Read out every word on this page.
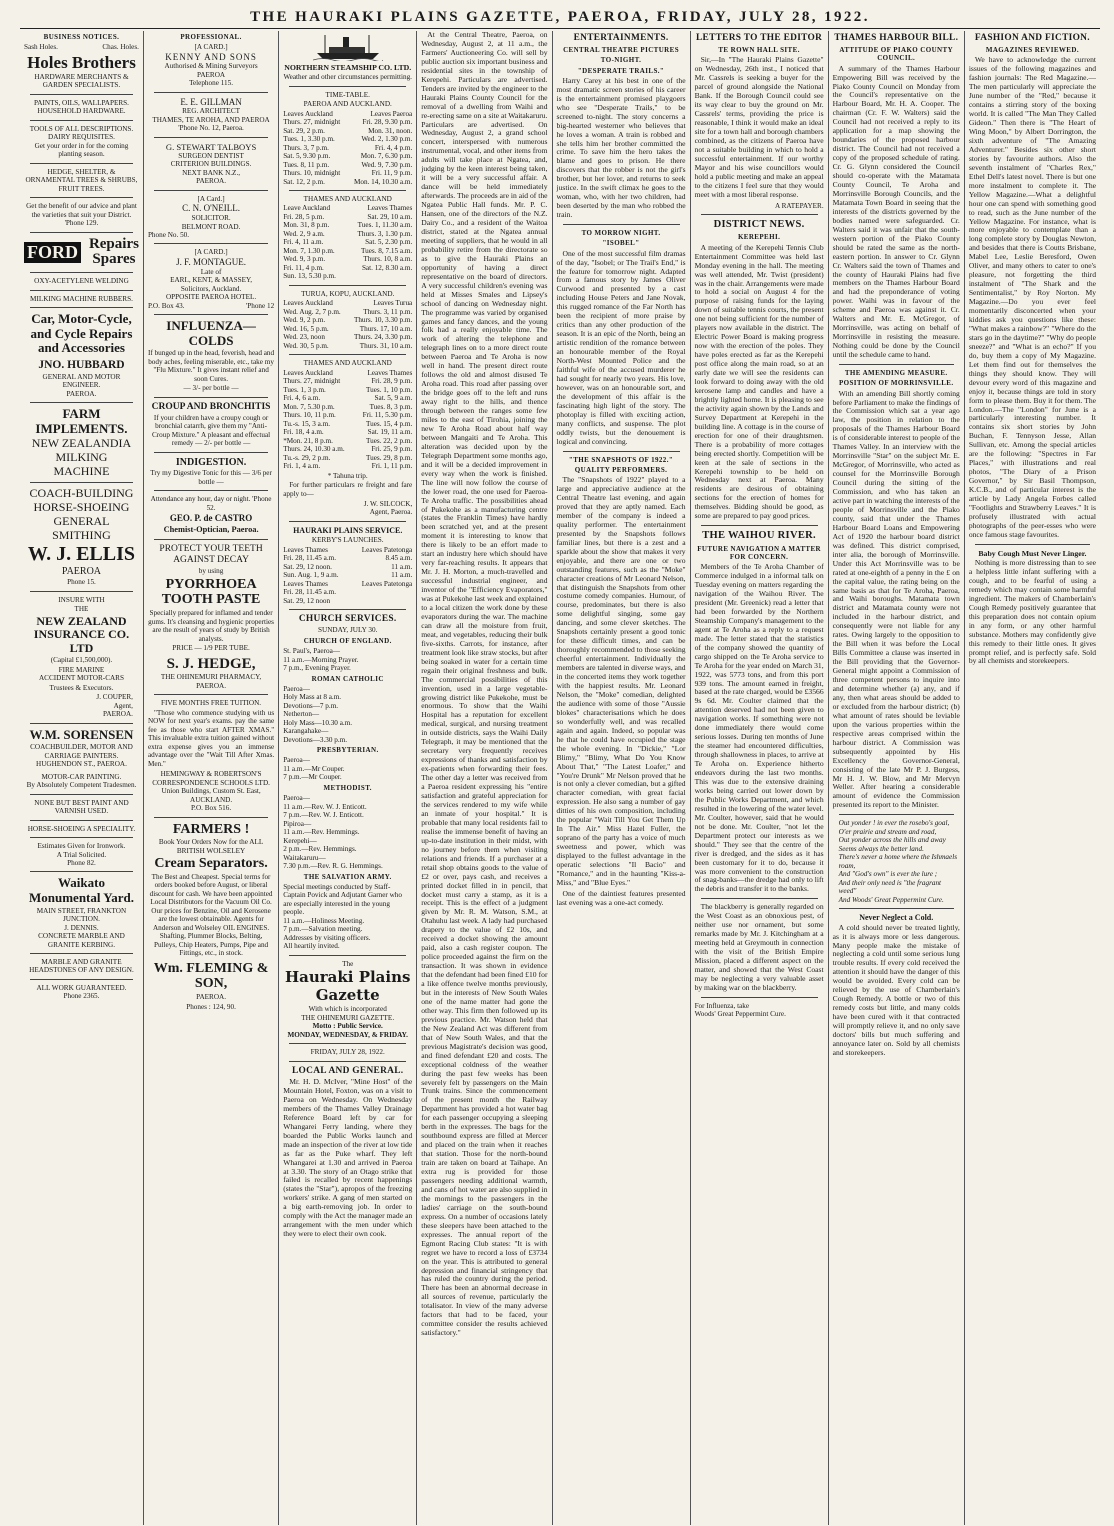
THE HAURAKI PLAINS GAZETTE, PAEROA, FRIDAY, JULY 28, 1922.
BUSINESS NOTICES.
Sash Holes.	Chas. Holes.
Holes Brothers
HARDWARE MERCHANTS &
GARDEN SPECIALISTS.
PAINTS, OILS, WALLPAPERS.
HOUSEHOLD HARDWARE.
TOOLS OF ALL DESCRIPTIONS.
DAIRY REQUISITES.
Get your order in for the coming planting season.
HEDGE, SHELTER, & ORNAMENTAL TREES & SHRUBS, FRUIT TREES.
Get the benefit of our advice and plant the varieties that suit your District.
'Phone 129.
FORD Repairs
Spares
OXY-ACETYLENE WELDING
MILKING MACHINE RUBBERS.
Car, Motor-Cycle, and Cycle Repairs and Accessories
JNO. HUBBARD
GENERAL AND MOTOR
ENGINEER.
PAEROA.
FARM IMPLEMENTS.
NEW ZEALANDIA
MILKING
MACHINE
COACH-BUILDING
HORSE-SHOEING
GENERAL
SMITHING
W. J. ELLIS
PAEROA
Phone 15.
INSURE WITH
THE
NEW ZEALAND INSURANCE CO. LTD
(Capital £1,500,000).
FIRE MARINE
ACCIDENT MOTOR-CARS
Trustees & Executors.
J. COUPER,
Agent,
PAEROA.
W.M. SORENSEN
COACHBUILDER, MOTOR AND CARRIAGE PAINTERS.
HUGHENDON ST., PAEROA.
MOTOR-CAR PAINTING.
By Absolutely Competent Tradesmen.
NONE BUT BEST PAINT AND VARNISH USED.
HORSE-SHOEING A SPECIALITY.
Estimates Given for Ironwork.
A Trial Solicited.
Phone 82.
Waikato Monumental Yard.
MAIN STREET, FRANKTON JUNCTION.
J. DENNIS.
CONCRETE MARBLE AND GRANITE KERBING.
MARBLE AND GRANITE HEADSTONES OF ANY DESIGN.
ALL WORK GUARANTEED.
Phone 2365.
PROFESSIONAL.
[A CARD.]
KENNY AND SONS
Authorised & Mining Surveyors
PAEROA
Telephone 115.
E. E. GILLMAN
REG. ARCHITECT
THAMES, TE AROHA, AND PAEROA
'Phone No. 12, Paeroa.
G. STEWART TALBOYS
SURGEON DENTIST
CRITERION BUILDINGS.
NEXT BANK N.Z.,
PAEROA.
[A Card.]
C. N. O'NEILL.
SOLICITOR.
BELMONT ROAD.
Phone No. 50.
[A CARD.]
J. F. MONTAGUE.
Late of
EARL, KENT, & MASSEY,
Solicitors, Auckland.
OPPOSITE PAEROA HOTEL.
P.O. Box 43.	'Phone 12
INFLUENZA—COLDS
If bunged up in the head, feverish, head and body aches, feeling miserable, etc., take my "Flu Mixture." It gives instant relief and soon Cures.
— 3/- per bottle —
CROUP AND BRONCHITIS
If your children have a croupy cough or bronchial catarrh, give them my "Anti-Croup Mixture." A pleasant and effectual remedy — 2/- per bottle —
INDIGESTION.
Try my Digestive Tonic for this — 3/6 per bottle —
Attendance any hour, day or night. 'Phone 52.
GEO. P. de CASTRO
Chemist-Optician, Paeroa.
PROTECT YOUR TEETH AGAINST DECAY
by using
PYORRHOEA TOOTH PASTE
Specially prepared for inflamed and tender gums. It's cleansing and hygienic properties are the result of years of study by British analysts.
PRICE — 1/9 PER TUBE.
S. J. HEDGE,
THE OHINEMURI PHARMACY, PAEROA.
FIVE MONTHS FREE TUITION.

"Those who commence studying with us NOW for next year's exams. pay the same fee as those who start AFTER XMAS." This invaluable extra tuition gained without extra expense gives you an immense advantage over the "Wait Till After Xmas. Men."

HEMINGWAY & ROBERTSON'S
CORRESPONDENCE SCHOOLS LTD.
Union Buildings, Custom St. East,
AUCKLAND.
P.O. Box 516.
FARMERS !
Book Your Orders Now for the ALL BRITISH WOLSELEY
Cream Separators.
The Best and Cheapest. Special terms for orders booked before August, or liberal discount for cash. We have been appointed Local Distributors for the Vacuum Oil Co. Our prices for Benzine, Oil and Kerosene are the lowest obtainable. Agents for Anderson and Wolseley OIL ENGINES. Shafting, Plummer Blocks, Belting, Pulleys, Chip Heaters, Pumps, Pipe and Fittings, etc., in stock.
Wm. FLEMING & SON,
PAEROA.
Phones : 124, 90.
NORTHERN STEAMSHIP CO. LTD.
Weather and other circumstances permitting.
TIME-TABLE.
PAEROA AND AUCKLAND.
Leaves Auckland	Leaves Paeroa
Thurs. 27, midnight	Fri. 28, 9.30 p.m.
Sat. 29, 2 p.m.	Mon. 31, noon.
Tues. 1, 3.30 p.m.	Wed. 2, 1.30 p.m.
Thurs. 3, 7 p.m.	Fri. 4, 4 p.m.
Sat. 5, 9.30 p.m.	Mon. 7, 6.30 p.m.
Tues. 8, 11 p.m.	Wed. 9, 7.30 p.m.
Thurs. 10, midnight	Fri. 11, 9 p.m.
Sat. 12, 2 p.m.	Mon. 14, 10.30 a.m.
THAMES AND AUCKLAND
Leave Auckland	Leaves Thames
Fri. 28, 5 p.m.	Sat. 29, 10 a.m.
Mon. 31, 8 p.m.	Tues. 1, 11.30 a.m.
Wed. 2, 9 a.m.	Thurs. 3, 1.30 p.m.
Fri. 4, 11 a.m.	Sat. 5, 2.30 p.m.
Mon. 7, 1.30 p.m.	Tues. 8, 7.15 a.m.
Wed. 9, 3 p.m.	Thurs. 10, 8 a.m.
Fri. 11, 4 p.m.	Sat. 12, 8.30 a.m.
Sun. 13, 5.30 p.m.
TURUA, KOPU, AUCKLAND.
Leaves Auckland	Leaves Turua
Wed. Aug. 2, 7 p.m.	Thurs. 3, 11 p.m.
Wed. 9, 2 p.m.	Thurs. 10, 3.30 p.m.
Wed. 16, 5 p.m.	Thurs. 17, 10 a.m.
Wed. 23, noon	Thurs. 24, 3.30 p.m.
Wed. 30, 5 p.m.	Thurs. 31, 10 a.m.
THAMES AND AUCKLAND
Leaves Auckland	Leaves Thames
Thurs. 27, midnight	Fri. 28, 9 p.m.
Tues. 1, 3 p.m.	Tues. 1, 10 p.m.
Fri. 4, 6 a.m.	Sat. 5, 9 a.m.
Mon. 7, 5.30 p.m.	Tues. 8, 3 p.m.
Thurs. 10, 11 p.m.	Fri. 11, 5.30 p.m.
Tu.-s. 15, 3 a.m.	Tues. 15, 4 p.m.
Fri. 18, 4 a.m.	Sat. 19, 11 a.m.
*Mon. 21, 8 p.m.	Tues. 22, 2 p.m.
Thurs. 24, 10.30 a.m.	Fri. 25, 9 p.m.
Tu.-s. 29, 2 p.m.	Tues. 29, 8 p.m.
Fri. 1, 4 a.m.	Fri. 1, 11 p.m.
* Tahuna trip.

For further particulars re freight and fare apply to—

J. W. SILCOCK,
Agent, Paeroa.
HAURAKI PLAINS SERVICE.
KERBY'S LAUNCHES.
Leaves Thames	Leaves Patetonga
Fri. 28, 11.45 a.m.	8.45 a.m.
Sat. 29, 12 noon.	11 a.m.
Sun. Aug. 1, 9 a.m.	11 a.m.
Leaves Thames	Leaves Patetonga
Fri. 28, 11.45 a.m.
Sat. 29, 12 noon
CHURCH SERVICES.
SUNDAY, JULY 30.
CHURCH OF ENGLAND.
St. Paul's, Paeroa—
11 a.m.—Morning Prayer.
7 p.m., Evening Prayer.
ROMAN CATHOLIC
Paeroa—
Holy Mass at 8 a.m.
Devotions—7 p.m.
Netherton—
Holy Mass—10.30 a.m.
Karangahake—
Devotions—3.30 p.m.
PRESBYTERIAN.
Paeroa—
11 a.m.—Mr Couper.
7 p.m.—Mr Couper.
METHODIST.
Paeroa—
11 a.m.—Rev. W. J. Enticott.
7 p.m.—Rev. W. J. Enticott.
Pipiroa—
11 a.m.—Rev. Hemmings.
Kerepehi—
2 p.m.—Rev. Hemmings.
Waitakaruru—
7.30 p.m.—Rev. R. G. Hemmings.
THE SALVATION ARMY.
Special meetings conducted by Staff-Captain Povick and Adjutant Garner who are especially interested in the young people.
11 a.m.—Holiness Meeting.
7 p.m.—Salvation meeting.
Addresses by visiting officers.
All heartily invited.
The
Hauraki Plains Gazette
With which is incorporated
THE OHINEMURI GAZETTE.
Motto : Public Service.
MONDAY, WEDNESDAY, & FRIDAY.
FRIDAY, JULY 28, 1922.
LOCAL AND GENERAL.

Mr. H. D. McIver, "Mine Host" of the Mountain Hotel, Foxton, was on a visit to Paeroa on Wednesday. On Wednesday members of the Thames Valley Drainage Reference Board left by car for Whangarei Ferry landing, where they boarded the Public Works launch and made an inspection of the river at low tide as far as the Puke wharf. They left Whangarei at 1.30 and arrived in Paeroa at 3.30. The story of an Otago strike that failed is recalled by recent happenings (states the "Star"), apropos of the freezing workers' strike. A gang of men started on a big earth-removing job. In order to comply with the Act the manager made an arrangement with the men under which they were to elect their own cook.

At the Central Theatre, Paeroa, on Wednesday, August 2, at 11 a.m., the Farmers' Auctioneering Co. will sell by public auction six important business and residential sites in the township of Kerepehi. Particulars are advertised. Tenders are invited by the engineer to the Hauraki Plains County Council for the removal of a dwelling from Waihi and re-erecting same on a site at Waitakaruru. Particulars are advertised. On Wednesday, August 2, a grand school concert, interspersed with numerous instrumental, vocal, and other items from adults will take place at Ngatea, and, judging by the keen interest being taken, it will be a very successful affair. A dance will be held immediately afterwards. The proceeds are in aid of the Ngatea Public Hall funds. Mr. P. C. Hansen, one of the directors of the N.Z. Dairy Co., and a resident of the Waitoa district, stated at the Ngatea annual meeting of suppliers, that he would in all probability retire from the directorate so as to give the Hauraki Plains an opportunity of having a direct representative on the board of directors. A very successful children's evening was held at Misses Smales and Lipsey's school of dancing on Wednesday night. The programme was varied by organised games and fancy dances, and the young folk had a really enjoyable time. The work of altering the telephone and telegraph lines on to a more direct route between Paeroa and Te Aroha is now well in hand. The present direct route follows the old and almost disused Te Aroha road. This road after passing over the bridge goes off to the left and runs away right to the hills, and thence through between the ranges some few miles to the east of Tirohia, joining the new Te Aroha Road about half way between Mangaiti and Te Aroha. This alteration was decided upon by the Telegraph Department some months ago, and it will be a decided improvement in every way when the work is finished. The line will now follow the course of the lower road, the one used for Paeroa-Te Aroha traffic. The possibilities ahead of Pukekohe as a manufacturing centre (states the Franklin Times) have hardly been scratched yet, and at the present moment it is interesting to know that there is likely to be an effort made to start an industry here which should have very far-reaching results. It appears that Mr. J. H. Morton, a much-travelled and successful industrial engineer, and inventor of the "Efficiency Evaporators," was at Pukekohe last week and explained to a local citizen the work done by these evaporators during the war. The machine can draw all the moisture from fruit, meat, and vegetables, reducing their bulk five-sixths. Carrots, for instance, after treatment look like straw stocks, but after being soaked in water for a certain time regain their original freshness and bulk. The commercial possibilities of this invention, used in a large vegetable-growing district like Pukekohe, must be enormous. To show that the Waihi Hospital has a reputation for excellent medical, surgical, and nursing treatment in outside districts, says the Waihi Daily Telegraph, it may be mentioned that the secretary very frequently receives expressions of thanks and satisfaction by ex-patients when forwarding their fees. The other day a letter was received from a Paeroa resident expressing his "entire satisfaction and grateful appreciation for the services rendered to my wife while an inmate of your hospital." It is probable that many local residents fail to realise the immense benefit of having an up-to-date institution in their midst, with no journey before them when visiting relations and friends. If a purchaser at a retail shop obtains goods to the value of £2 or over, pays cash, and receives a printed docket filled in in pencil, that docket must carry a stamp, as it is a receipt. This is the effect of a judgment given by Mr. R. M. Watson, S.M., at Otahuhu last week. A lady had purchased drapery to the value of £2 10s, and received a docket showing the amount paid, also a cash register coupon. The police proceeded against the firm on the transaction. It was shown in evidence that the defendant had been fined £10 for a like offence twelve months previously, but in the interests of New South Wales one of the name matter had gone the other way. This firm then followed up its previous practice. Mr. Watson held that the New Zealand Act was different from that of New South Wales, and that the previous Magistrate's decision was good, and fined defendant £20 and costs. The exceptional coldness of the weather during the past few weeks has been severely felt by passengers on the Main Trunk trains. Since the commencement of the present month the Railway Department has provided a hot water bag for each passenger occupying a sleeping berth in the expresses. The bags for the southbound express are filled at Mercer and placed on the train when it reaches that station. Those for the north-bound train are taken on board at Taihape. An extra rug is provided for those passengers needing additional warmth, and cans of hot water are also supplied in the mornings to the passengers in the ladies' carriage on the south-bound express. On a number of occasions lately these sleepers have been attached to the expresses. The annual report of the Egmont Racing Club states: "It is with regret we have to record a loss of £3734 on the year. This is attributed to general depression and financial stringency that has ruled the country during the period. There has been an abnormal decrease in all sources of revenue, particularly the totalisator. In view of the many adverse factors that had to be faced, your committee consider the results achieved satisfactory."

ENTERTAINMENTS.
CENTRAL THEATRE PICTURES
TO-NIGHT.
"DESPERATE TRAILS."

Harry Carey at his best in one of the most dramatic screen stories of his career is the entertainment promised playgoers who see "Desperate Trails," to be screened to-night. The story concerns a big-hearted westerner who believes that he loves a woman. A train is robbed and she tells him her brother committed the crime. To save him the hero takes the blame and goes to prison. He there discovers that the robber is not the girl's brother, but her lover, and returns to seek justice. In the swift climax he goes to the woman, who, with her two children, had been deserted by the man who robbed the train.

TO MORROW NIGHT.
"ISOBEL"

One of the most successful film dramas of the day, "Isobel; or The Trail's End," is the feature for tomorrow night. Adapted from a famous story by James Oliver Curwood and presented by a cast including House Peters and Jane Novak, this rugged romance of the Far North has been the recipient of more praise by critics than any other production of the season. It is an epic of the North, being an artistic rendition of the romance between an honourable member of the Royal North-West Mounted Police and the faithful wife of the accused murderer he had sought for nearly two years. His love, however, was on an honourable sort, and the development of this affair is the fascinating high light of the story. The photoplay is filled with exciting action, many conflicts, and suspense. The plot oddly twists, but the denouement is logical and convincing.

"THE SNAPSHOTS OF 1922."
QUALITY PERFORMERS.

The "Snapshots of 1922" played to a large and appreciative audience at the Central Theatre last evening, and again proved that they are aptly named. Each member of the company is indeed a quality performer. The entertainment presented by the Snapshots follows familiar lines, but there is a zest and a sparkle about the show that makes it very enjoyable, and there are one or two outstanding features, such as the "Moke" character creations of Mr Leonard Nelson, that distinguish the Snapshots from other costume comedy companies. Humour, of course, predominates, but there is also some delightful singing, some gay dancing, and some clever sketches. The Snapshots certainly present a good tonic for these difficult times, and can be thoroughly recommended to those seeking cheerful entertainment. Individually the members are talented in diverse ways, and in the concerted items they work together with the happiest results. Mr. Leonard Nelson, the "Moke" comedian, delighted the audience with some of those "Aussie blokes" characterisations which he does so wonderfully well, and was recalled again and again. Indeed, so popular was he that he could have occupied the stage the whole evening. In "Dickie," "Lor Blimy," "Blimy, What Do You Know About That," "The Latest Loafer," and "You're Drunk" Mr Nelson proved that he is not only a clever comedian, but a gifted character comedian, with great facial expression. He also sang a number of gay ditties of his own composition, including the popular "Wait Till You Get Them Up In The Air." Miss Hazel Fuller, the soprano of the party has a voice of much sweetness and power, which was displayed to the fullest advantage in the operatic selections "Il Bacio" and "Romance," and in the haunting "Kiss-a-Miss," and "Blue Eyes."

One of the daintiest features presented last evening was a one-act comedy.

LETTERS TO THE EDITOR
TE ROWN HALL SITE.

Sir,—In "The Hauraki Plains Gazette" on Wednesday, 26th inst., I noticed that Mr. Cassrels is seeking a buyer for the parcel of ground alongside the National Bank. If the Borough Council could see its way clear to buy the ground on Mr. Cassrels' terms, providing the price is reasonable, I think it would make an ideal site for a town hall and borough chambers combined, as the citizens of Paeroa have not a suitable building in which to hold a successful entertainment. If our worthy Mayor and his wise councillors would hold a public meeting and make an appeal to the citizens I feel sure that they would meet with a most liberal response.

A RATEPAYER.
DISTRICT NEWS.
KEREPEHI.

A meeting of the Kerepehi Tennis Club Entertainment Committee was held last Monday evening in the hall. The meeting was well attended, Mr. Twist (president) was in the chair. Arrangements were made to hold a social on August 4 for the purpose of raising funds for the laying down of suitable tennis courts, the present one not being sufficient for the number of players now available in the district. The Electric Power Board is making progress now with the erection of the poles. They have poles erected as far as the Kerepehi post office along the main road, so at an early date we will see the residents can look forward to doing away with the old kerosene lamp and candles and have a brightly lighted home. It is pleasing to see the activity again shown by the Lands and Survey Department at Kerepehi in the building line. A cottage is in the course of erection for one of their draughtsmen. There is a probability of more cottages being erected shortly. Competition will be keen at the sale of sections in the Kerepehi township to be held on Wednesday next at Paeroa. Many residents are desirous of obtaining sections for the erection of homes for themselves. Bidding should be good, as some are prepared to pay good prices.

THE WAIHOU RIVER.
FUTURE NAVIGATION A MATTER FOR CONCERN.

Members of the Te Aroha Chamber of Commerce indulged in a informal talk on Tuesday evening on matters regarding the navigation of the Waihou River. The president (Mr. Greenick) read a letter that had been forwarded by the Northern Steamship Company's management to the agent at Te Aroha as a reply to a request made. The letter stated that the statistics of the company showed the quantity of cargo shipped on the Te Aroha service to Te Aroha for the year ended on March 31, 1922, was 5773 tons, and from this port 939 tons. The amount earned in freight, based at the rate charged, would be £3566 9s 6d. Mr. Coulter claimed that the attention deserved had not been given to navigation works. If something were not done immediately there would come serious losses. During ten months of June the steamer had encountered difficulties, through shallowness in places, to arrive at Te Aroha on. Experience hitherto endeavors during the last two months. This was due to the extensive draining works being carried out lower down by the Public Works Department, and which resulted in the lowering of the water level. Mr. Coulter, however, said that he would not be done. Mr. Coulter, "not let the Department protect our interests as we should." They see that the centre of the river is dredged, and the sides as it has been customary for it to do, because it was more convenient to the construction of snag-banks—the dredge had only to lift the debris and transfer it to the banks.

The blackberry is generally regarded on the West Coast as an obnoxious pest, of neither use nor ornament, but some remarks made by Mr. J. Kitchingham at a meeting held at Greymouth in connection with the visit of the British Empire Mission, placed a different aspect on the matter, and showed that the West Coast may be neglecting a very valuable asset by making war on the blackberry.

For Influenza, take
Woods' Great Peppermint Cure.
THAMES HARBOUR BILL.
ATTITUDE OF PIAKO COUNTY COUNCIL.

A summary of the Thames Harbour Empowering Bill was received by the Piako County Council on Monday from the Council's representative on the Harbour Board, Mr. H. A. Cooper. The chairman (Cr. F. W. Walters) said the Council had not received a reply to its application for a map showing the boundaries of the proposed harbour district. The Council had not received a copy of the proposed schedule of rating. Cr. G. Glynn considered the Council should co-operate with the Matamata County Council, Te Aroha and Morrinsville Borough Councils, and the Matamata Town Board in seeing that the interests of the districts governed by the bodies named were safeguarded. Cr. Walters said it was unfair that the south-western portion of the Piako County should be rated the same as the north-eastern portion. In answer to Cr. Glynn Cr. Walters said the town of Thames and the county of Hauraki Plains had five members on the Thames Harbour Board and had the preponderance of voting power. Waihi was in favour of the scheme and Paeroa was against it. Cr. Walters and Mr. E. McGregor, of Morrinsville, was acting on behalf of Morrinsville in resisting the measure. Nothing could be done by the Council until the schedule came to hand.

THE AMENDING MEASURE.
POSITION OF MORRINSVILLE.

With an amending Bill shortly coming before Parliament to make the findings of the Commission which sat a year ago law, the position in relation to the proposals of the Thames Harbour Board is of considerable interest to people of the Thames Valley. In an interview with the Morrinsville "Star" on the subject Mr. E. McGregor, of Morrinsville, who acted as counsel for the Morrinsville Borough Council during the sitting of the Commission, and who has taken an active part in watching the interests of the people of Morrinsville and the Piako county, said that under the Thames Harbour Board Loans and Empowering Act of 1920 the harbour board district was defined. This district comprised, inter alia, the borough of Morrinsville. Under this Act Morrinsville was to be rated at one-eighth of a penny in the £ on the capital value, the rating being on the same basis as that for Te Aroha, Paeroa, and Waihi boroughs. Matamata town district and Matamata county were not included in the harbour district, and consequently were not liable for any rates. Owing largely to the opposition to the Bill when it was before the Local Bills Committee a clause was inserted in the Bill providing that the Governor-General might appoint a Commission of three competent persons to inquire into and determine whether (a) any, and if any, then what areas should be added to or excluded from the harbour district; (b) what amount of rates should be leviable upon the various properties within the respective areas comprised within the harbour district. A Commission was subsequently appointed by His Excellency the Governor-General, consisting of the late Mr P. J. Burgess, Mr H. J. W. Blow, and Mr Mervyn Weller. After hearing a considerable amount of evidence the Commission presented its report to the Minister.

Out yonder ! in ever the rosebo's goal,
O'er prairie and stream and road,
Out yonder across the hills and away
Seems always the better land.
There's never a home where the Ishmaels roam,
And "God's own" is ever the lure ;
And their only need is "the fragrant weed"
And Woods' Great Peppermint Cure.
Never Neglect a Cold.

A cold should never be treated lightly, as it is always more or less dangerous. Many people make the mistake of neglecting a cold until some serious lung trouble results. If every cold received the attention it should have the danger of this would be avoided. Every cold can be relieved by the use of Chamberlain's Cough Remedy. A bottle or two of this remedy costs but little, and many colds have been cured with it that contracted will promptly relieve it, and no only save doctors' bills but much suffering and annoyance later on. Sold by all chemists and storekeepers.

FASHION AND FICTION.
MAGAZINES REVIEWED.

We have to acknowledge the current issues of the following magazines and fashion journals: The Red Magazine.—The men particularly will appreciate the June number of the "Red," because it contains a stirring story of the boxing world. It is called "The Man They Called Gideon." Then there is "The Heart of Wing Moon," by Albert Dorrington, the sixth adventure of "The Amazing Adventurer." Besides six other short stories by favourite authors. Also the seventh instalment of "Charles Rex," Ethel Dell's latest novel. There is but one more instalment to complete it. The Yellow Magazine.—What a delightful hour one can spend with something good to read, such as the June number of the Yellow Magazine. For instance, what is more enjoyable to contemplate than a long complete story by Douglas Newton, and besides that there is Coutts Brisbane, Mabel Lee, Leslie Beresford, Owen Oliver, and many others to cater to one's pleasure, not forgetting the third instalment of "The Shark and the Sentimentalist," by Roy Norton. My Magazine.—Do you ever feel momentarily disconcerted when your kiddies ask you questions like these: "What makes a rainbow?" "Where do the stars go in the daytime?" "Why do people sneeze?" and "What is an echo?" If you do, buy them a copy of My Magazine. Let them find out for themselves the things they should know. They will devour every word of this magazine and enjoy it, because things are told in story form to please them. Buy it for them. The London.—The "London" for June is a particularly interesting number. It contains six short stories by John Buchan, F. Tennyson Jesse, Allan Sullivan, etc. Among the special articles are the following: "Spectres in Far Places," with illustrations and real photos, "The Diary of a Prison Governor," by Sir Basil Thompson, K.C.B., and of particular interest is the article by Lady Angela Forbes called "Footlights and Strawberry Leaves." It is profusely illustrated with actual photographs of the peer-esses who were once famous stage favourites.

Baby Cough Must Never Linger.

Nothing is more distressing than to see a helpless little infant suffering with a cough, and to be fearful of using a remedy which may contain some harmful ingredient. The makers of Chamberlain's Cough Remedy positively guarantee that this preparation does not contain opium in any form, or any other harmful substance. Mothers may confidently give this remedy to their little ones. It gives prompt relief, and is perfectly safe. Sold by all chemists and storekeepers.
